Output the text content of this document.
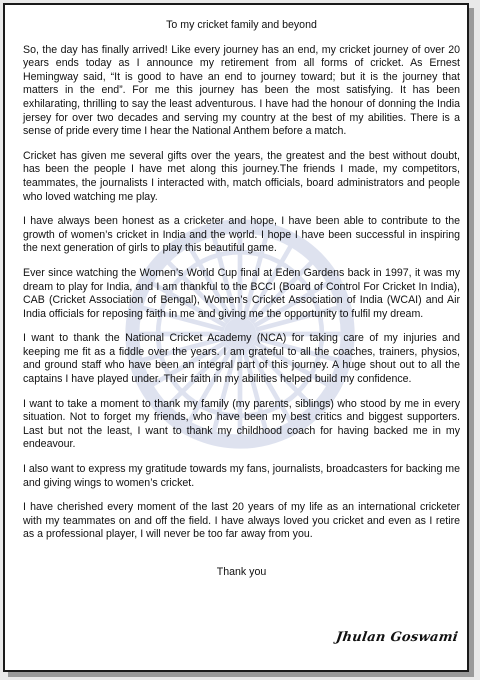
To my cricket family and beyond

So, the day has finally arrived! Like every journey has an end, my cricket journey of over 20 years ends today as I announce my retirement from all forms of cricket. As Ernest Hemingway said, “It is good to have an end to journey toward; but it is the journey that matters in the end”. For me this journey has been the most satisfying. It has been exhilarating, thrilling to say the least adventurous. I have had the honour of donning the India jersey for over two decades and serving my country at the best of my abilities. There is a sense of pride every time I hear the National Anthem before a match.

Cricket has given me several gifts over the years, the greatest and the best without doubt, has been the people I have met along this journey.The friends I made, my competitors, teammates, the journalists I interacted with, match officials, board administrators and people who loved watching me play.

I have always been honest as a cricketer and hope, I have been able to contribute to the growth of women’s cricket in India and the world. I hope I have been successful in inspiring the next generation of girls to play this beautiful game.

Ever since watching the Women’s World Cup final at Eden Gardens back in 1997, it was my dream to play for India, and I am thankful to the BCCI (Board of Control For Cricket In India), CAB (Cricket Association of Bengal), Women’s Cricket Association of India (WCAI) and Air India officials for reposing faith in me and giving me the opportunity to fulfil my dream.

I want to thank the National Cricket Academy (NCA) for taking care of my injuries and keeping me fit as a fiddle over the years. I am grateful to all the coaches, trainers, physios, and ground staff who have been an integral part of this journey. A huge shout out to all the captains I have played under. Their faith in my abilities helped build my confidence.

I want to take a moment to thank my family (my parents, siblings) who stood by me in every situation. Not to forget my friends, who have been my best critics and biggest supporters. Last but not the least, I want to thank my childhood coach for having backed me in my endeavour.

I also want to express my gratitude towards my fans, journalists, broadcasters for backing me and giving wings to women’s cricket.

I have cherished every moment of the last 20 years of my life as an international cricketer with my teammates on and off the field. I have always loved you cricket and even as I retire as a professional player, I will never be too far away from you.

Thank you

Jhulan Goswami
